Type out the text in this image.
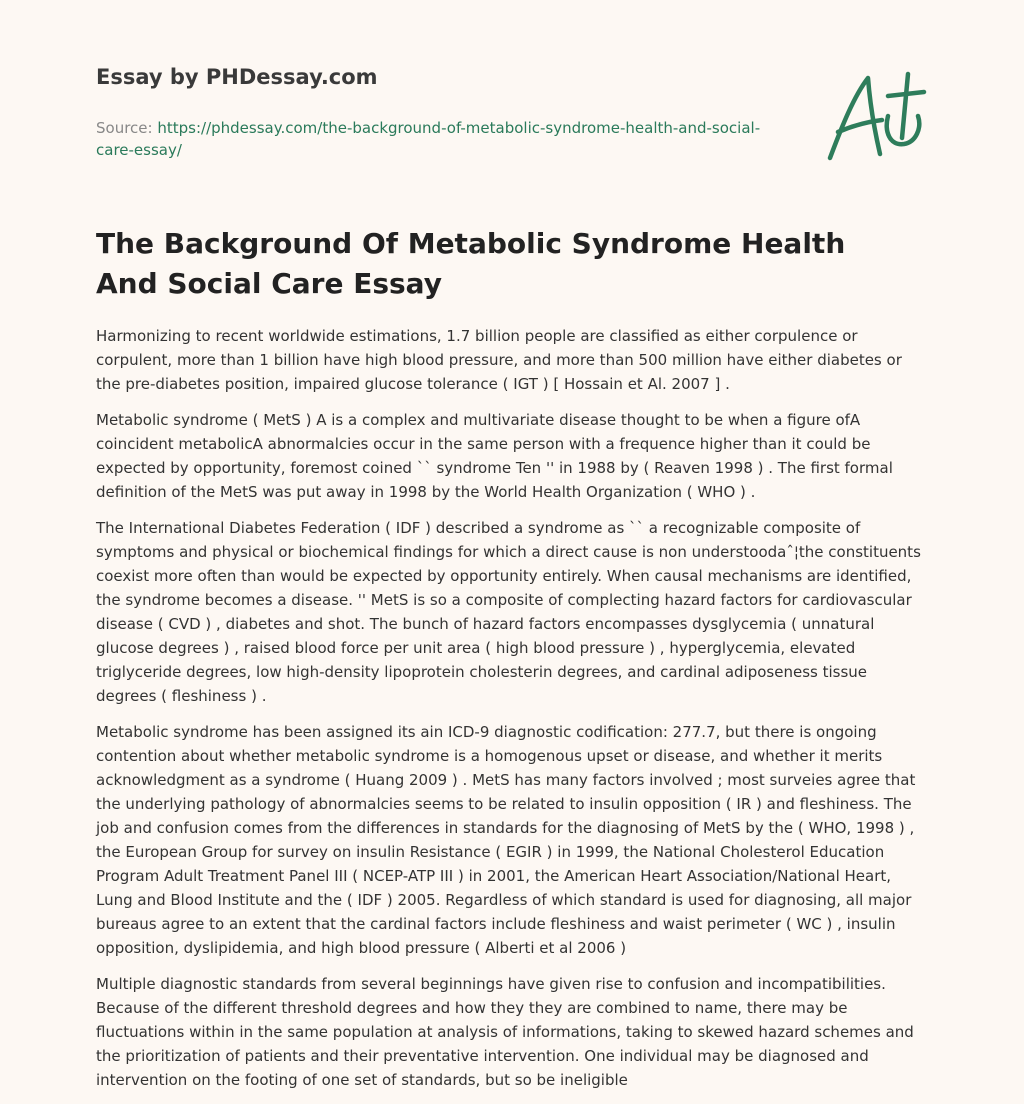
Essay by PHDessay.com
Source: https://phdessay.com/the-background-of-metabolic-syndrome-health-and-social-care-essay/
The Background Of Metabolic Syndrome Health And Social Care Essay

Harmonizing to recent worldwide estimations, 1.7 billion people are classified as either corpulence or corpulent, more than 1 billion have high blood pressure, and more than 500 million have either diabetes or the pre-diabetes position, impaired glucose tolerance ( IGT ) [ Hossain et Al. 2007 ] .

Metabolic syndrome ( MetS ) A is a complex and multivariate disease thought to be when a figure ofA coincident metabolicA abnormalcies occur in the same person with a frequence higher than it could be expected by opportunity, foremost coined `` syndrome Ten '' in 1988 by ( Reaven 1998 ) . The first formal definition of the MetS was put away in 1998 by the World Health Organization ( WHO ) .

The International Diabetes Federation ( IDF ) described a syndrome as `` a recognizable composite of symptoms and physical or biochemical findings for which a direct cause is non understoodaˆ¦the constituents coexist more often than would be expected by opportunity entirely. When causal mechanisms are identified, the syndrome becomes a disease. '' MetS is so a composite of complecting hazard factors for cardiovascular disease ( CVD ) , diabetes and shot. The bunch of hazard factors encompasses dysglycemia ( unnatural glucose degrees ) , raised blood force per unit area ( high blood pressure ) , hyperglycemia, elevated triglyceride degrees, low high-density lipoprotein cholesterin degrees, and cardinal adiposeness tissue degrees ( fleshiness ) .

Metabolic syndrome has been assigned its ain ICD-9 diagnostic codification: 277.7, but there is ongoing contention about whether metabolic syndrome is a homogenous upset or disease, and whether it merits acknowledgment as a syndrome ( Huang 2009 ) . MetS has many factors involved ; most surveies agree that the underlying pathology of abnormalcies seems to be related to insulin opposition ( IR ) and fleshiness. The job and confusion comes from the differences in standards for the diagnosing of MetS by the ( WHO, 1998 ) , the European Group for survey on insulin Resistance ( EGIR ) in 1999, the National Cholesterol Education Program Adult Treatment Panel III ( NCEP-ATP III ) in 2001, the American Heart Association/National Heart, Lung and Blood Institute and the ( IDF ) 2005. Regardless of which standard is used for diagnosing, all major bureaus agree to an extent that the cardinal factors include fleshiness and waist perimeter ( WC ) , insulin opposition, dyslipidemia, and high blood pressure ( Alberti et al 2006 )

Multiple diagnostic standards from several beginnings have given rise to confusion and incompatibilities. Because of the different threshold degrees and how they they are combined to name, there may be fluctuations within in the same population at analysis of informations, taking to skewed hazard schemes and the prioritization of patients and their preventative intervention. One individual may be diagnosed and intervention on the footing of one set of standards, but so be ineligible
